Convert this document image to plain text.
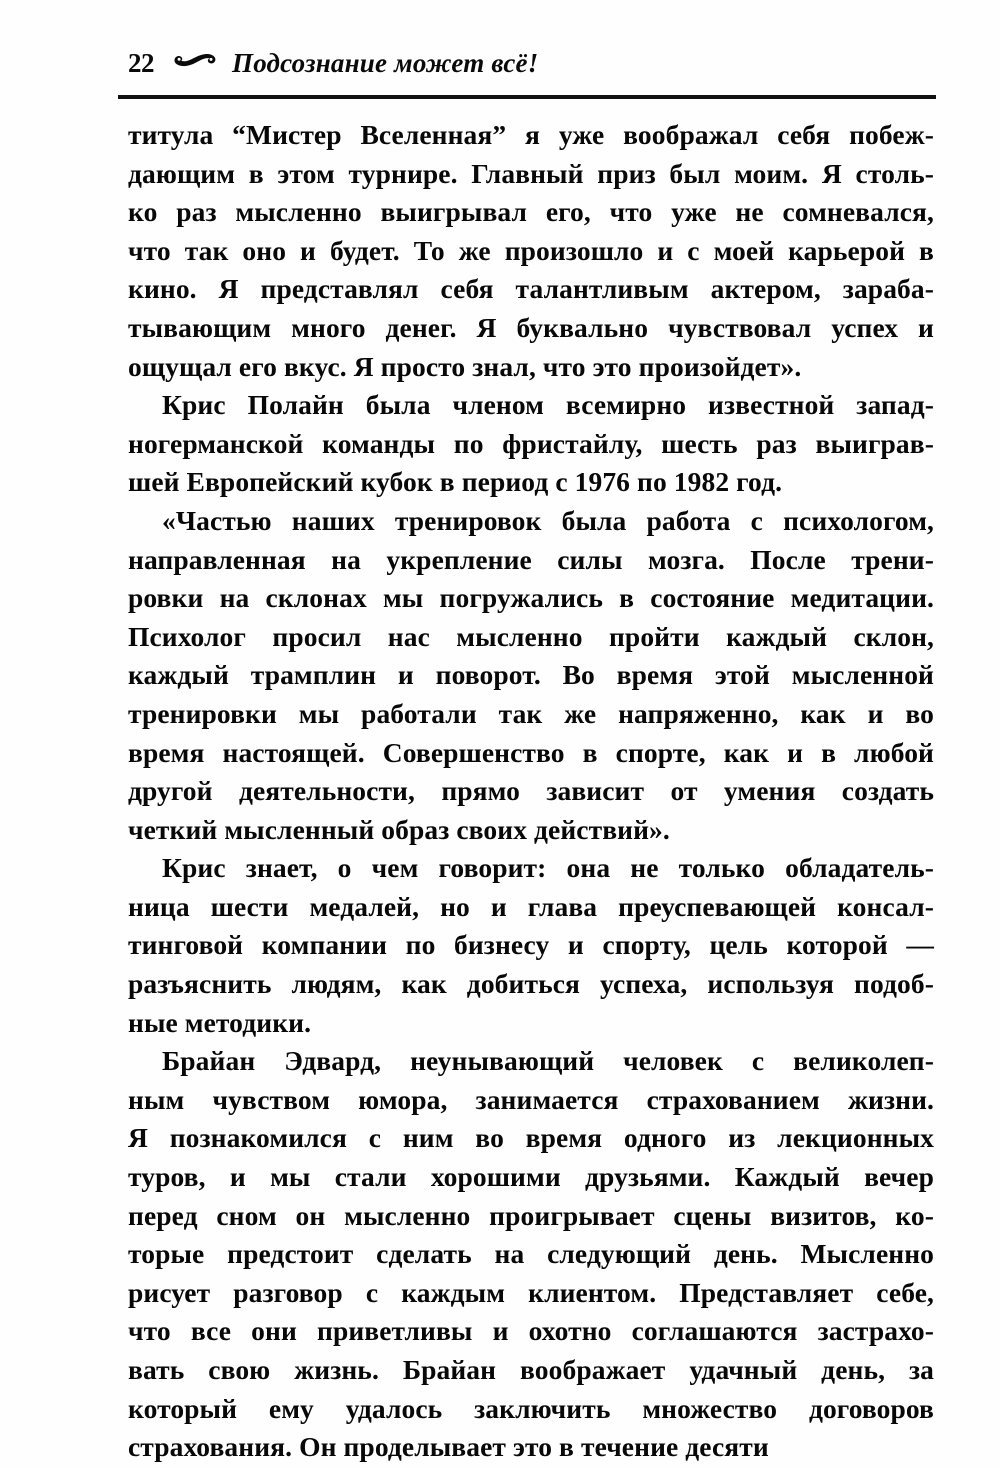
22	Подсознание может всё!

титула “Мистер Вселенная” я уже воображал себя побеж-
дающим в этом турнире. Главный приз был моим. Я столь-
ко раз мысленно выигрывал его, что уже не сомневался,
что так оно и будет. То же произошло и с моей карьерой в
кино. Я представлял себя талантливым актером, зараба-
тывающим много денег. Я буквально чувствовал успех и
ощущал его вкус. Я просто знал, что это произойдет».

Крис Полайн была членом всемирно известной запад-
ногерманской команды по фристайлу, шесть раз выиграв-
шей Европейский кубок в период с 1976 по 1982 год.

«Частью наших тренировок была работа с психологом,
направленная на укрепление силы мозга. После трени-
ровки на склонах мы погружались в состояние медитации.
Психолог просил нас мысленно пройти каждый склон,
каждый трамплин и поворот. Во время этой мысленной
тренировки мы работали так же напряженно, как и во
время настоящей. Совершенство в спорте, как и в любой
другой деятельности, прямо зависит от умения создать
четкий мысленный образ своих действий».

Крис знает, о чем говорит: она не только обладатель-
ница шести медалей, но и глава преуспевающей консал-
тинговой компании по бизнесу и спорту, цель которой —
разъяснить людям, как добиться успеха, используя подоб-
ные методики.

Брайан Эдвард, неунывающий человек с великолеп-
ным чувством юмора, занимается страхованием жизни.
Я познакомился с ним во время одного из лекционных
туров, и мы стали хорошими друзьями. Каждый вечер
перед сном он мысленно проигрывает сцены визитов, ко-
торые предстоит сделать на следующий день. Мысленно
рисует разговор с каждым клиентом. Представляет себе,
что все они приветливы и охотно соглашаются застрахо-
вать свою жизнь. Брайан воображает удачный день, за
который ему удалось заключить множество договоров
страхования. Он проделывает это в течение десяти
